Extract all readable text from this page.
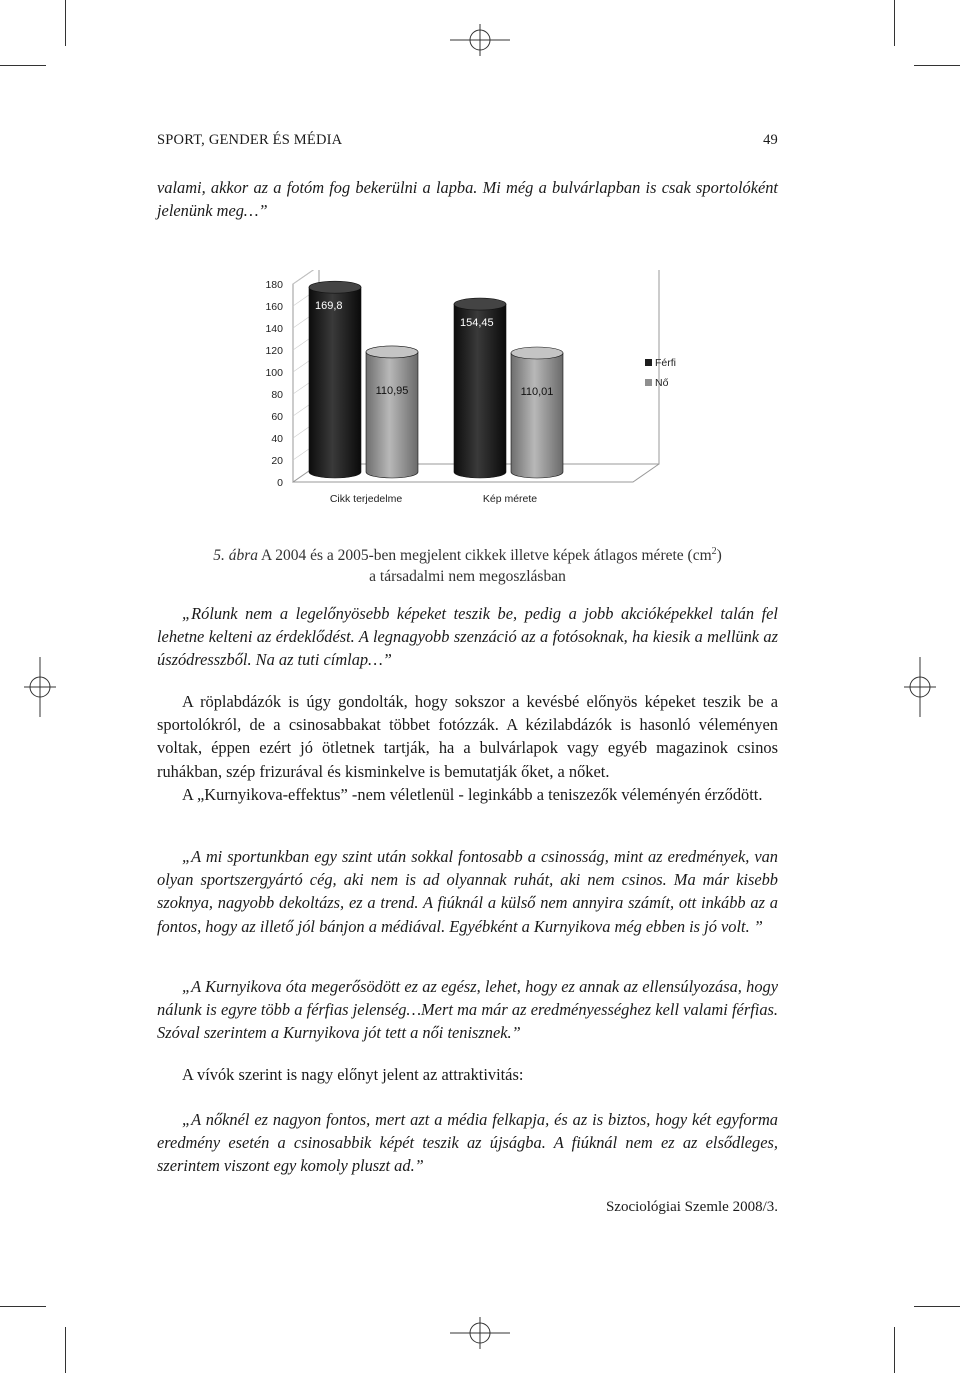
SPORT, GENDER ÉS MÉDIA	49

valami, akkor az a fotóm fog bekerülni a lapba. Mi még a bulvárlapban is csak sportolóként jelenünk meg…”

0
20
40
60
80
100
120
140
160
180
169,8
110,95
Cikk terjedelme
154,45
110,01
Kép mérete
Férfi
Nő
5. ábra A 2004 és a 2005-ben megjelent cikkek illetve képek átlagos mérete $(cm^2)$
a társadalmi nem megoszlásban

„Rólunk nem a legelőnyösebb képeket teszik be, pedig a jobb akcióképekkel talán fel lehetne kelteni az érdeklődést. A legnagyobb szenzáció az a fotósoknak, ha kiesik a mellünk az úszódresszből. Na az tuti címlap…”

A röplabdázók is úgy gondolták, hogy sokszor a kevésbé előnyös képeket teszik be a sportolókról, de a csinosabbakat többet fotózzák. A kézilabdázók is hasonló véleményen voltak, éppen ezért jó ötletnek tartják, ha a bulvárlapok vagy egyéb magazinok csinos ruhákban, szép frizurával és kisminkelve is bemutatják őket, a nőket.

A „Kurnyikova-effektus” -nem véletlenül - leginkább a teniszezők véleményén érződött.

„A mi sportunkban egy szint után sokkal fontosabb a csinosság, mint az eredmények, van olyan sportszergyártó cég, aki nem is ad olyannak ruhát, aki nem csinos. Ma már kisebb szoknya, nagyobb dekoltázs, ez a trend. A fiúknál a külső nem annyira számít, ott inkább az a fontos, hogy az illető jól bánjon a médiával. Egyébként a Kurnyikova még ebben is jó volt. ”

„A Kurnyikova óta megerősödött ez az egész, lehet, hogy ez annak az ellensúlyozása, hogy nálunk is egyre több a férfias jelenség…Mert ma már az eredményességhez kell valami férfias. Szóval szerintem a Kurnyikova jót tett a női tenisznek.”

A vívók szerint is nagy előnyt jelent az attraktivitás:

„A nőknél ez nagyon fontos, mert azt a média felkapja, és az is biztos, hogy két egyforma eredmény esetén a csinosabbik képét teszik az újságba. A fiúknál nem ez az elsődleges, szerintem viszont egy komoly pluszt ad.”

Szociológiai Szemle 2008/3.
